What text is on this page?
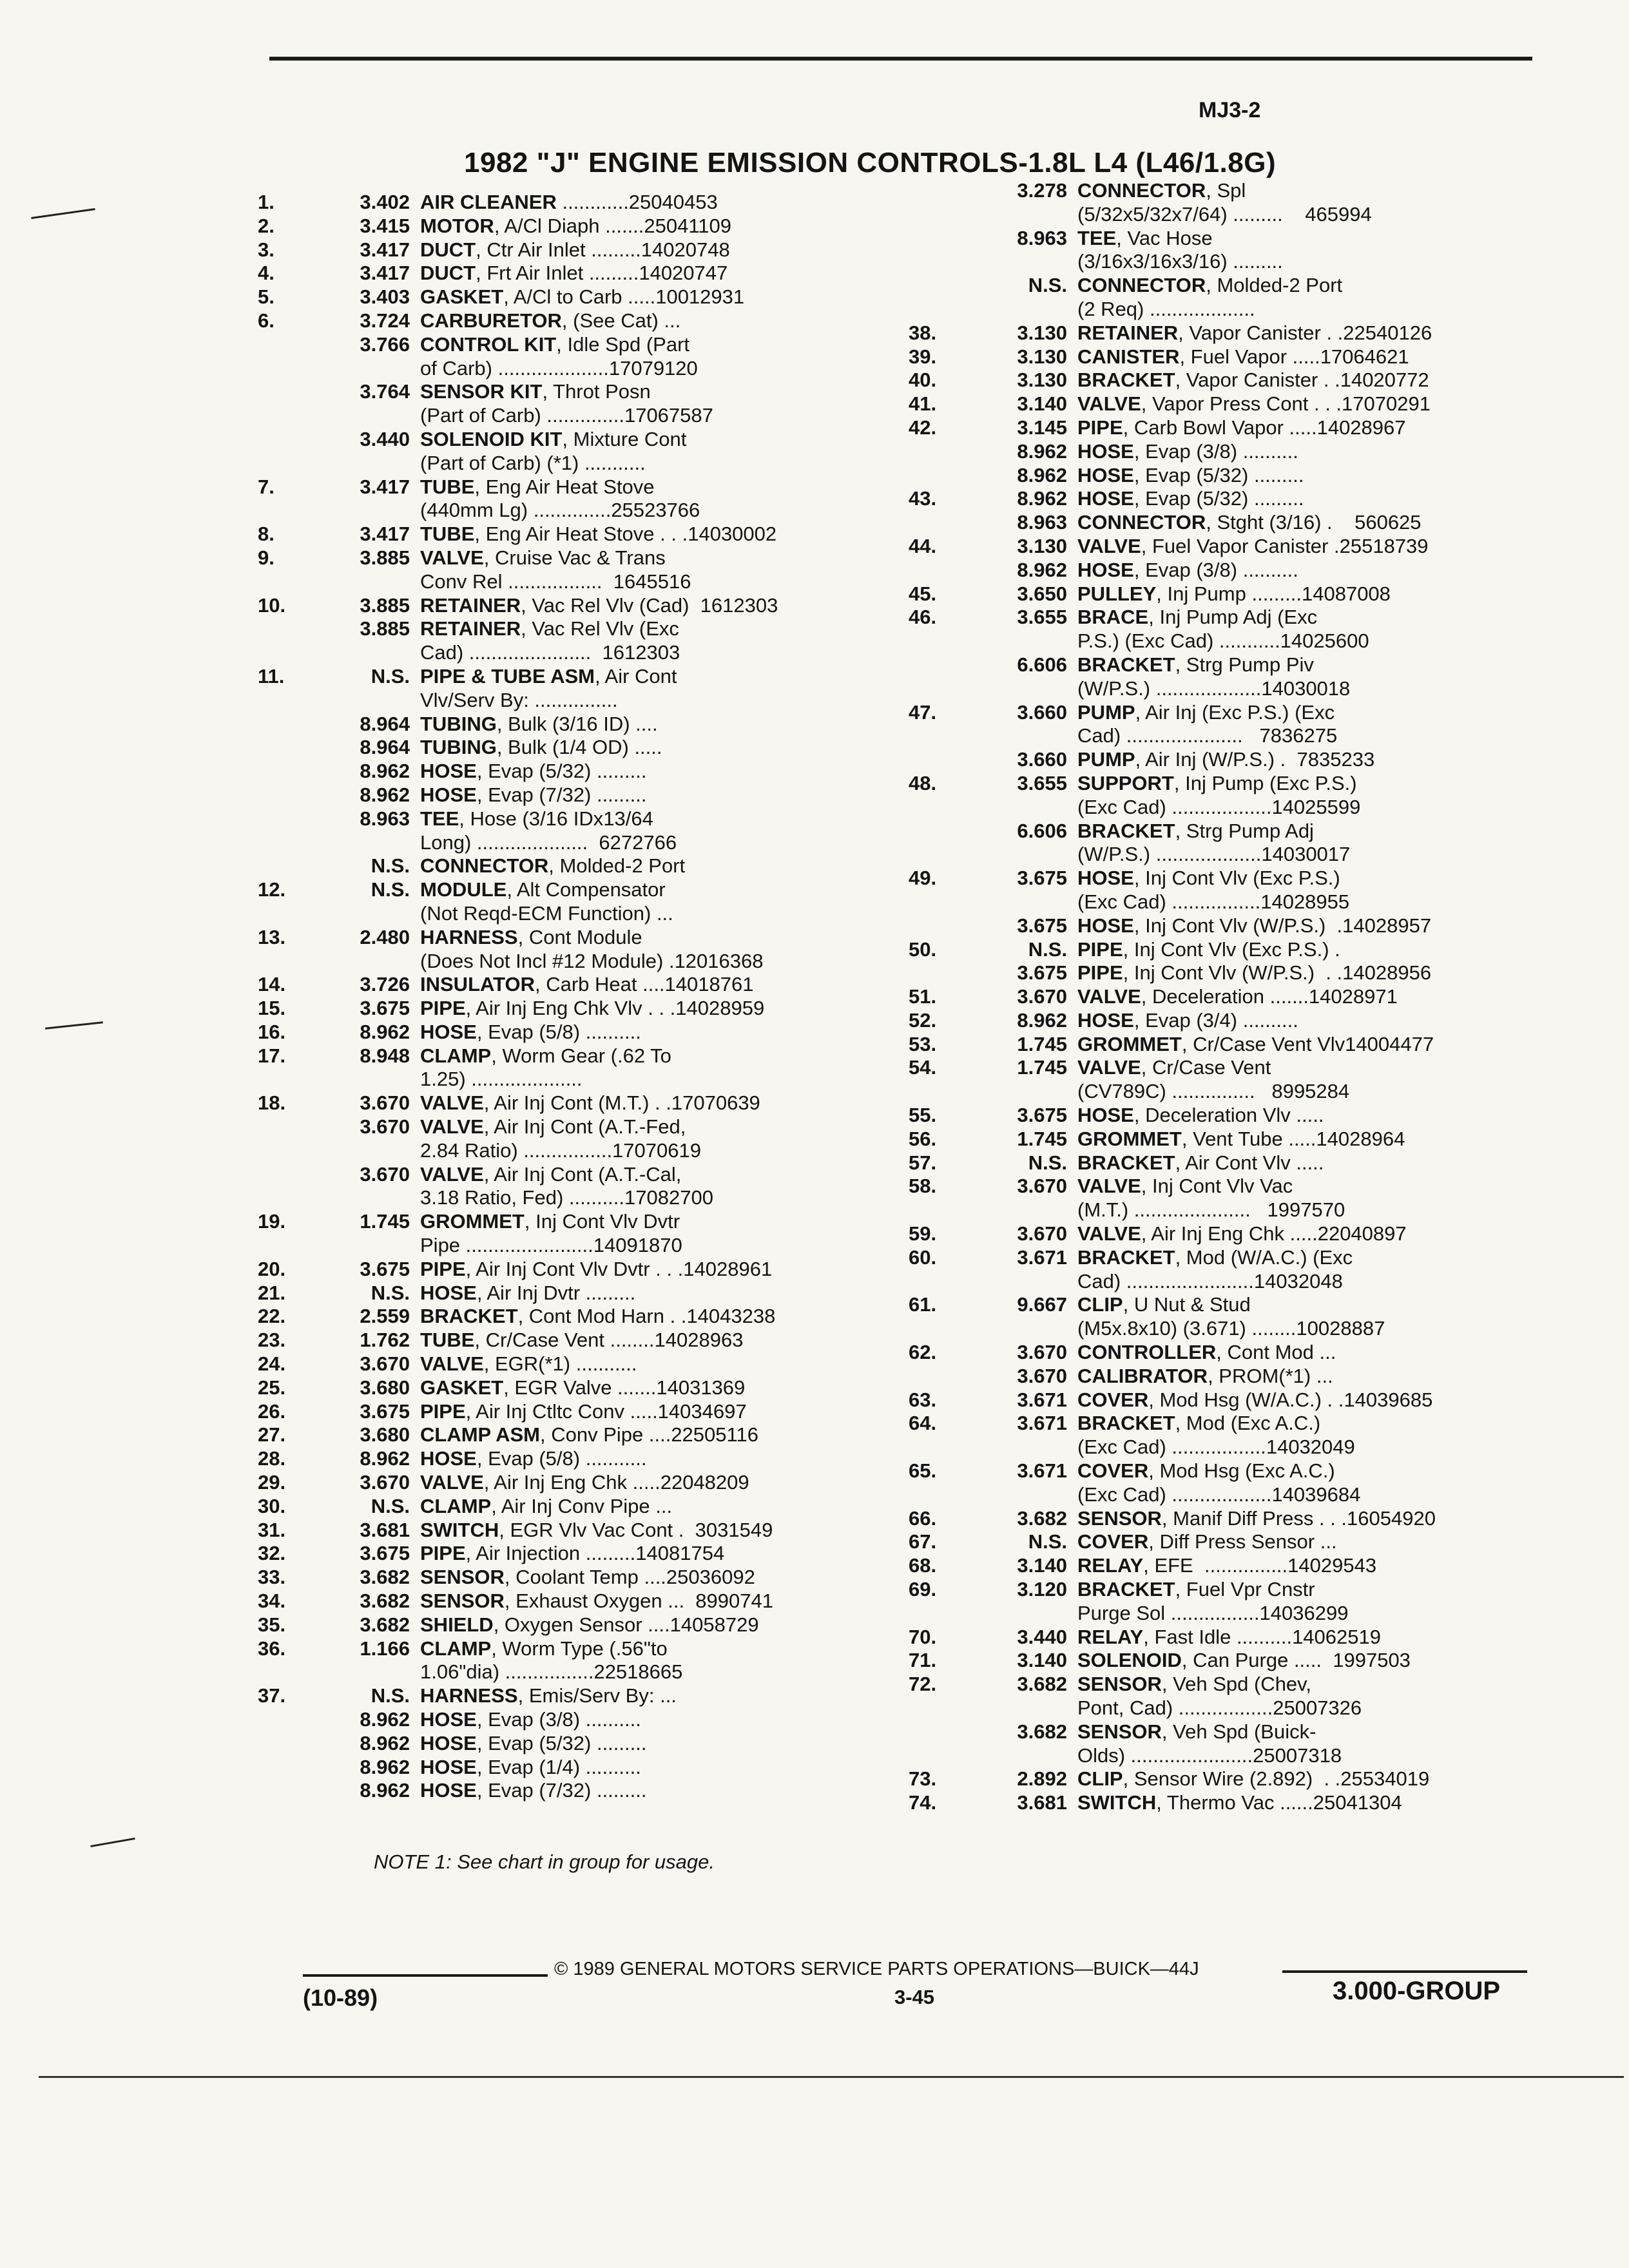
MJ3-2
1982 "J" ENGINE EMISSION CONTROLS-1.8L L4 (L46/1.8G)
1.	3.402 AIR CLEANER ............25040453
2.	3.415 MOTOR, A/Cl Diaph .......25041109
3.	3.417 DUCT, Ctr Air Inlet .........14020748
4.	3.417 DUCT, Frt Air Inlet .........14020747
5.	3.403 GASKET, A/Cl to Carb .....10012931
6.	3.724 CARBURETOR, (See Cat) ...
3.766 CONTROL KIT, Idle Spd (Part
of Carb) ....................17079120
3.764 SENSOR KIT, Throt Posn
(Part of Carb) ..............17067587
3.440 SOLENOID KIT, Mixture Cont
(Part of Carb) (*1) ...........
7.	3.417 TUBE, Eng Air Heat Stove
(440mm Lg) ..............25523766
8.	3.417 TUBE, Eng Air Heat Stove . . .14030002
9.	3.885 VALVE, Cruise Vac & Trans
Conv Rel .................  1645516
10.	3.885 RETAINER, Vac Rel Vlv (Cad)  1612303
3.885 RETAINER, Vac Rel Vlv (Exc
Cad) ......................  1612303
11.	N.S. PIPE & TUBE ASM, Air Cont
Vlv/Serv By: ...............
8.964 TUBING, Bulk (3/16 ID) ....
8.964 TUBING, Bulk (1/4 OD) .....
8.962 HOSE, Evap (5/32) .........
8.962 HOSE, Evap (7/32) .........
8.963 TEE, Hose (3/16 IDx13/64
Long) ....................  6272766
N.S. CONNECTOR, Molded-2 Port
12.	N.S. MODULE, Alt Compensator
(Not Reqd-ECM Function) ...
13.	2.480 HARNESS, Cont Module
(Does Not Incl #12 Module) .12016368
14.	3.726 INSULATOR, Carb Heat ....14018761
15.	3.675 PIPE, Air Inj Eng Chk Vlv . . .14028959
16.	8.962 HOSE, Evap (5/8) ..........
17.	8.948 CLAMP, Worm Gear (.62 To
1.25) ....................
18.	3.670 VALVE, Air Inj Cont (M.T.) . .17070639
3.670 VALVE, Air Inj Cont (A.T.-Fed,
2.84 Ratio) ................17070619
3.670 VALVE, Air Inj Cont (A.T.-Cal,
3.18 Ratio, Fed) ..........17082700
19.	1.745 GROMMET, Inj Cont Vlv Dvtr
Pipe .......................14091870
20.	3.675 PIPE, Air Inj Cont Vlv Dvtr . . .14028961
21.	N.S. HOSE, Air Inj Dvtr .........
22.	2.559 BRACKET, Cont Mod Harn . .14043238
23.	1.762 TUBE, Cr/Case Vent ........14028963
24.	3.670 VALVE, EGR(*1) ...........
25.	3.680 GASKET, EGR Valve .......14031369
26.	3.675 PIPE, Air Inj Ctltc Conv .....14034697
27.	3.680 CLAMP ASM, Conv Pipe ....22505116
28.	8.962 HOSE, Evap (5/8) ...........
29.	3.670 VALVE, Air Inj Eng Chk .....22048209
30.	N.S. CLAMP, Air Inj Conv Pipe ...
31.	3.681 SWITCH, EGR Vlv Vac Cont .  3031549
32.	3.675 PIPE, Air Injection .........14081754
33.	3.682 SENSOR, Coolant Temp ....25036092
34.	3.682 SENSOR, Exhaust Oxygen ...  8990741
35.	3.682 SHIELD, Oxygen Sensor ....14058729
36.	1.166 CLAMP, Worm Type (.56"to
1.06"dia) ................22518665
37.	N.S. HARNESS, Emis/Serv By: ...
8.962 HOSE, Evap (3/8) ..........
8.962 HOSE, Evap (5/32) .........
8.962 HOSE, Evap (1/4) ..........
8.962 HOSE, Evap (7/32) .........
3.278 CONNECTOR, Spl
(5/32x5/32x7/64) .........    465994
8.963 TEE, Vac Hose
(3/16x3/16x3/16) .........
N.S. CONNECTOR, Molded-2 Port
(2 Req) ...................
38.	3.130 RETAINER, Vapor Canister . .22540126
39.	3.130 CANISTER, Fuel Vapor .....17064621
40.	3.130 BRACKET, Vapor Canister . .14020772
41.	3.140 VALVE, Vapor Press Cont . . .17070291
42.	3.145 PIPE, Carb Bowl Vapor .....14028967
8.962 HOSE, Evap (3/8) ..........
8.962 HOSE, Evap (5/32) .........
43.	8.962 HOSE, Evap (5/32) .........
8.963 CONNECTOR, Stght (3/16) .    560625
44.	3.130 VALVE, Fuel Vapor Canister .25518739
8.962 HOSE, Evap (3/8) ..........
45.	3.650 PULLEY, Inj Pump .........14087008
46.	3.655 BRACE, Inj Pump Adj (Exc
P.S.) (Exc Cad) ...........14025600
6.606 BRACKET, Strg Pump Piv
(W/P.S.) ...................14030018
47.	3.660 PUMP, Air Inj (Exc P.S.) (Exc
Cad) .....................   7836275
3.660 PUMP, Air Inj (W/P.S.) .  7835233
48.	3.655 SUPPORT, Inj Pump (Exc P.S.)
(Exc Cad) ..................14025599
6.606 BRACKET, Strg Pump Adj
(W/P.S.) ...................14030017
49.	3.675 HOSE, Inj Cont Vlv (Exc P.S.)
(Exc Cad) ................14028955
3.675 HOSE, Inj Cont Vlv (W/P.S.)  .14028957
50.	N.S. PIPE, Inj Cont Vlv (Exc P.S.) .
3.675 PIPE, Inj Cont Vlv (W/P.S.)  . .14028956
51.	3.670 VALVE, Deceleration .......14028971
52.	8.962 HOSE, Evap (3/4) ..........
53.	1.745 GROMMET, Cr/Case Vent Vlv14004477
54.	1.745 VALVE, Cr/Case Vent
(CV789C) ...............   8995284
55.	3.675 HOSE, Deceleration Vlv .....
56.	1.745 GROMMET, Vent Tube .....14028964
57.	N.S. BRACKET, Air Cont Vlv .....
58.	3.670 VALVE, Inj Cont Vlv Vac
(M.T.) .....................   1997570
59.	3.670 VALVE, Air Inj Eng Chk .....22040897
60.	3.671 BRACKET, Mod (W/A.C.) (Exc
Cad) .......................14032048
61.	9.667 CLIP, U Nut & Stud
(M5x.8x10) (3.671) ........10028887
62.	3.670 CONTROLLER, Cont Mod ...
3.670 CALIBRATOR, PROM(*1) ...
63.	3.671 COVER, Mod Hsg (W/A.C.) . .14039685
64.	3.671 BRACKET, Mod (Exc A.C.)
(Exc Cad) .................14032049
65.	3.671 COVER, Mod Hsg (Exc A.C.)
(Exc Cad) ..................14039684
66.	3.682 SENSOR, Manif Diff Press . . .16054920
67.	N.S. COVER, Diff Press Sensor ...
68.	3.140 RELAY, EFE  ...............14029543
69.	3.120 BRACKET, Fuel Vpr Cnstr
Purge Sol ................14036299
70.	3.440 RELAY, Fast Idle ..........14062519
71.	3.140 SOLENOID, Can Purge .....  1997503
72.	3.682 SENSOR, Veh Spd (Chev,
Pont, Cad) .................25007326
3.682 SENSOR, Veh Spd (Buick-
Olds) ......................25007318
73.	2.892 CLIP, Sensor Wire (2.892)  . .25534019
74.	3.681 SWITCH, Thermo Vac ......25041304
NOTE 1: See chart in group for usage.
© 1989 GENERAL MOTORS SERVICE PARTS OPERATIONS—BUICK—44J
(10-89)	3-45	3.000-GROUP
